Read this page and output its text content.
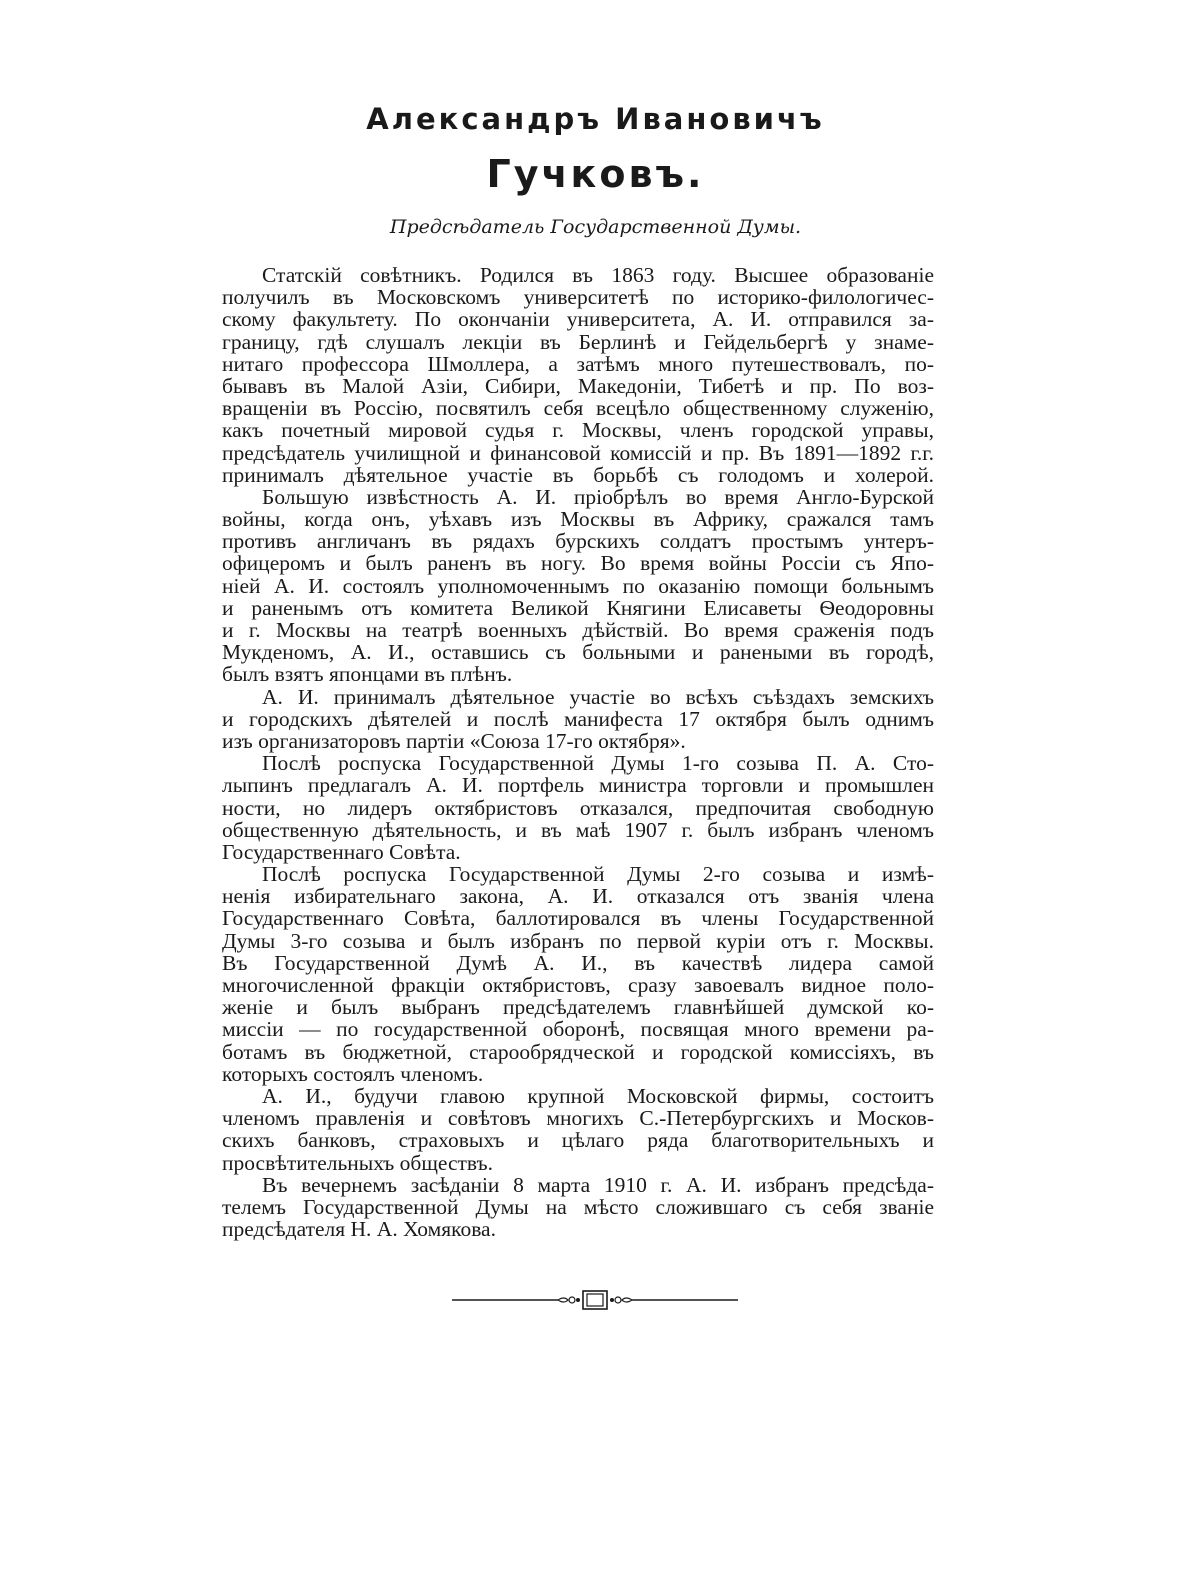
Александръ Ивановичъ
Гучковъ.
Предсѣдатель Государственной Думы.
Статскій совѣтникъ. Родился въ 1863 году. Высшее образованіе
получилъ въ Московскомъ университетѣ по историко-филологичес-
скому факультету. По окончаніи университета, А. И. отправился за-
границу, гдѣ слушалъ лекціи въ Берлинѣ и Гейдельбергѣ у знаме-
нитаго профессора Шмоллера, а затѣмъ много путешествовалъ, по-
бывавъ въ Малой Азіи, Сибири, Македоніи, Тибетѣ и пр. По воз-
вращеніи въ Россію, посвятилъ себя всецѣло общественному служенію,
какъ почетный мировой судья г. Москвы, членъ городской управы,
предсѣдатель училищной и финансовой комиссій и пр. Въ 1891—1892 г.г.
принималъ дѣятельное участіе въ борьбѣ съ голодомъ и холерой.
Большую извѣстность А. И. пріобрѣлъ во время Англо-Бурской
войны, когда онъ, уѣхавъ изъ Москвы въ Африку, сражался тамъ
противъ англичанъ въ рядахъ бурскихъ солдатъ простымъ унтеръ-
офицеромъ и былъ раненъ въ ногу. Во время войны Россіи съ Япо-
ніей А. И. состоялъ уполномоченнымъ по оказанію помощи больнымъ
и раненымъ отъ комитета Великой Княгини Елисаветы Ѳеодоровны
и г. Москвы на театрѣ военныхъ дѣйствій. Во время сраженія подъ
Мукденомъ, А. И., оставшись съ больными и ранеными въ городѣ,
былъ взятъ японцами въ плѣнъ.
А. И. принималъ дѣятельное участіе во всѣхъ съѣздахъ земскихъ
и городскихъ дѣятелей и послѣ манифеста 17 октября былъ однимъ
изъ организаторовъ партіи «Союза 17-го октября».
Послѣ роспуска Государственной Думы 1-го созыва П. А. Сто-
лыпинъ предлагалъ А. И. портфель министра торговли и промышлен
ности, но лидеръ октябристовъ отказался, предпочитая свободную
общественную дѣятельность, и въ маѣ 1907 г. былъ избранъ членомъ
Государственнаго Совѣта.
Послѣ роспуска Государственной Думы 2-го созыва и измѣ-
ненія избирательнаго закона, А. И. отказался отъ званія члена
Государственнаго Совѣта, баллотировался въ члены Государственной
Думы 3-го созыва и былъ избранъ по первой куріи отъ г. Москвы.
Въ Государственной Думѣ А. И., въ качествѣ лидера самой
многочисленной фракціи октябристовъ, сразу завоевалъ видное поло-
женіе и былъ выбранъ предсѣдателемъ главнѣйшей думской ко-
миссіи — по государственной оборонѣ, посвящая много времени ра-
ботамъ въ бюджетной, старообрядческой и городской комиссіяхъ, въ
которыхъ состоялъ членомъ.
А. И., будучи главою крупной Московской фирмы, состоитъ
членомъ правленія и совѣтовъ многихъ С.-Петербургскихъ и Москов-
скихъ банковъ, страховыхъ и цѣлаго ряда благотворительныхъ и
просвѣтительныхъ обществъ.
Въ вечернемъ засѣданіи 8 марта 1910 г. А. И. избранъ предсѣда-
телемъ Государственной Думы на мѣсто сложившаго съ себя званіе
предсѣдателя Н. А. Хомякова.
